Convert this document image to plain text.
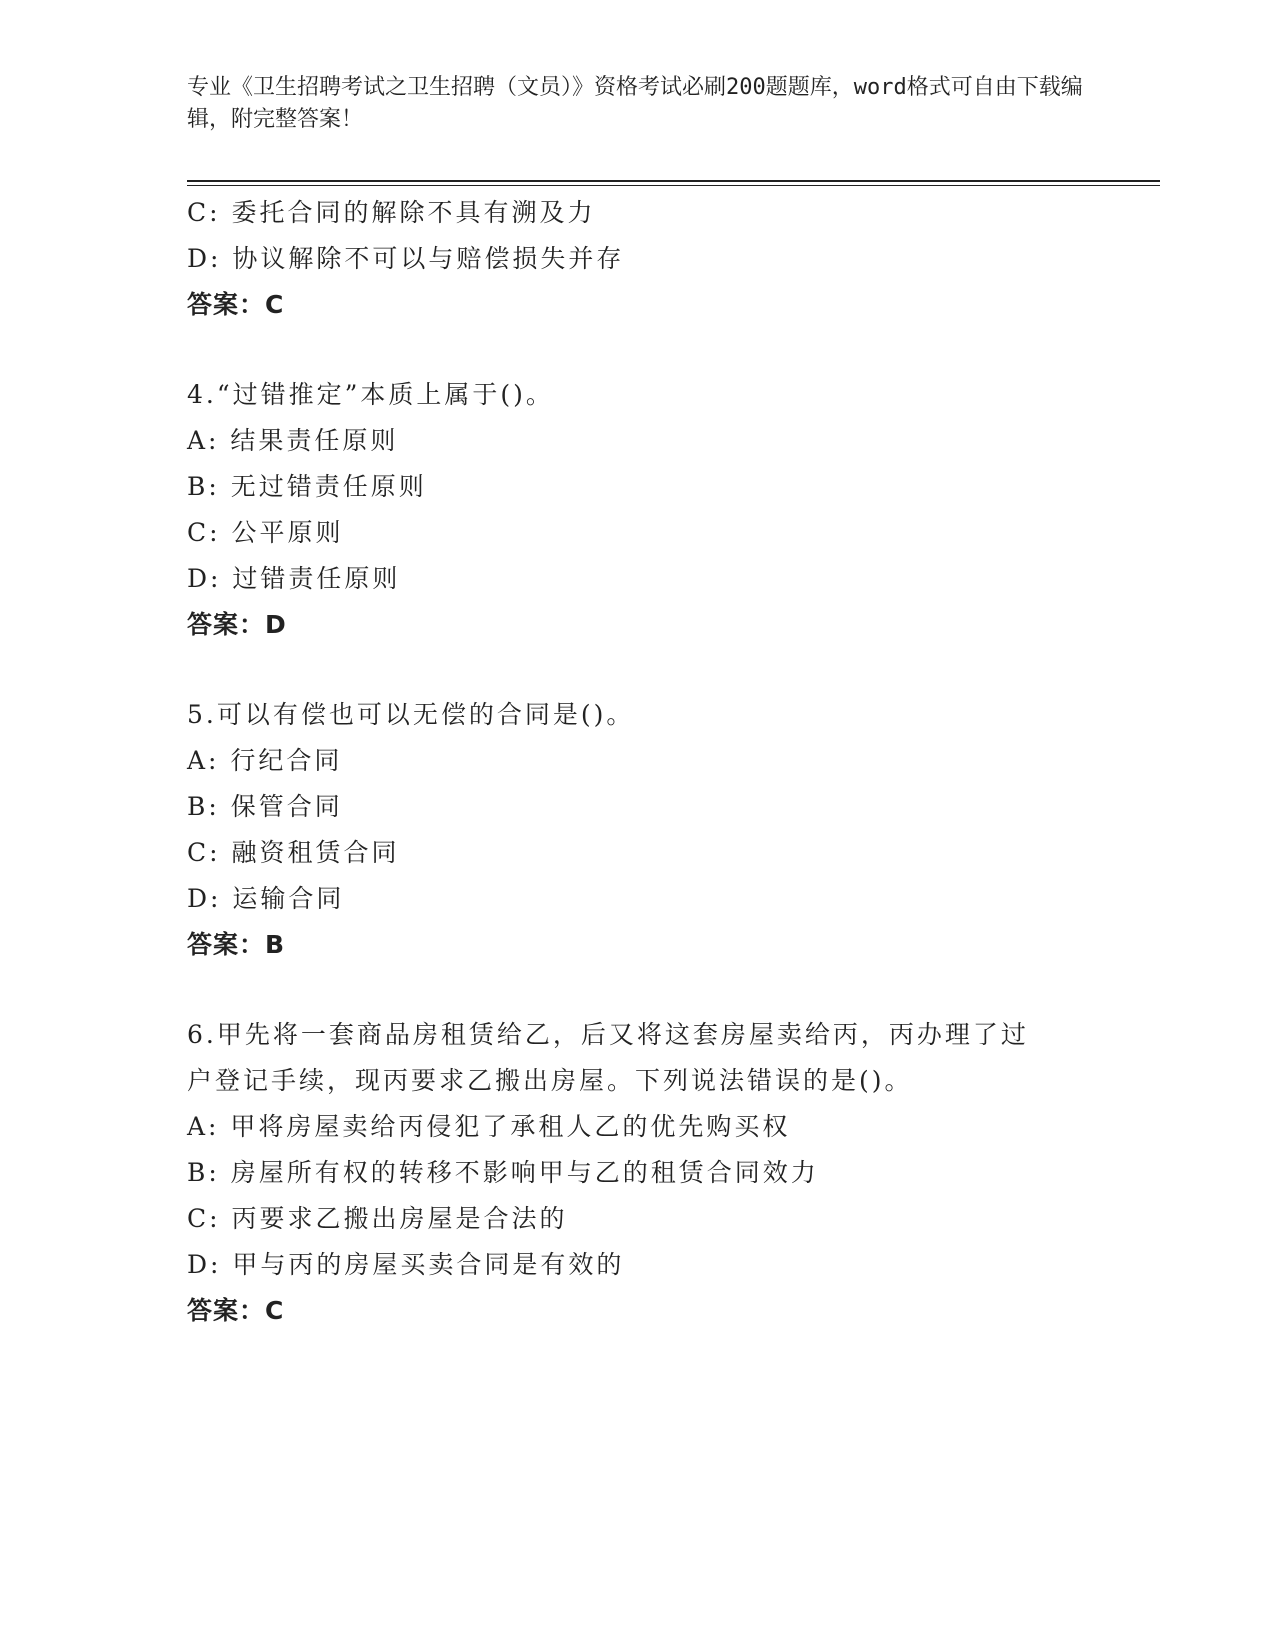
专业《卫生招聘考试之卫生招聘（文员）》资格考试必刷200题题库，word格式可自由下载编辑，附完整答案！
C: 委托合同的解除不具有溯及力
D: 协议解除不可以与赔偿损失并存
答案：C
4.“过错推定”本质上属于()。
A: 结果责任原则
B: 无过错责任原则
C: 公平原则
D: 过错责任原则
答案：D
5.可以有偿也可以无偿的合同是()。
A: 行纪合同
B: 保管合同
C: 融资租赁合同
D: 运输合同
答案：B
6.甲先将一套商品房租赁给乙，后又将这套房屋卖给丙，丙办理了过
户登记手续，现丙要求乙搬出房屋。下列说法错误的是()。
A: 甲将房屋卖给丙侵犯了承租人乙的优先购买权
B: 房屋所有权的转移不影响甲与乙的租赁合同效力
C: 丙要求乙搬出房屋是合法的
D: 甲与丙的房屋买卖合同是有效的
答案：C
